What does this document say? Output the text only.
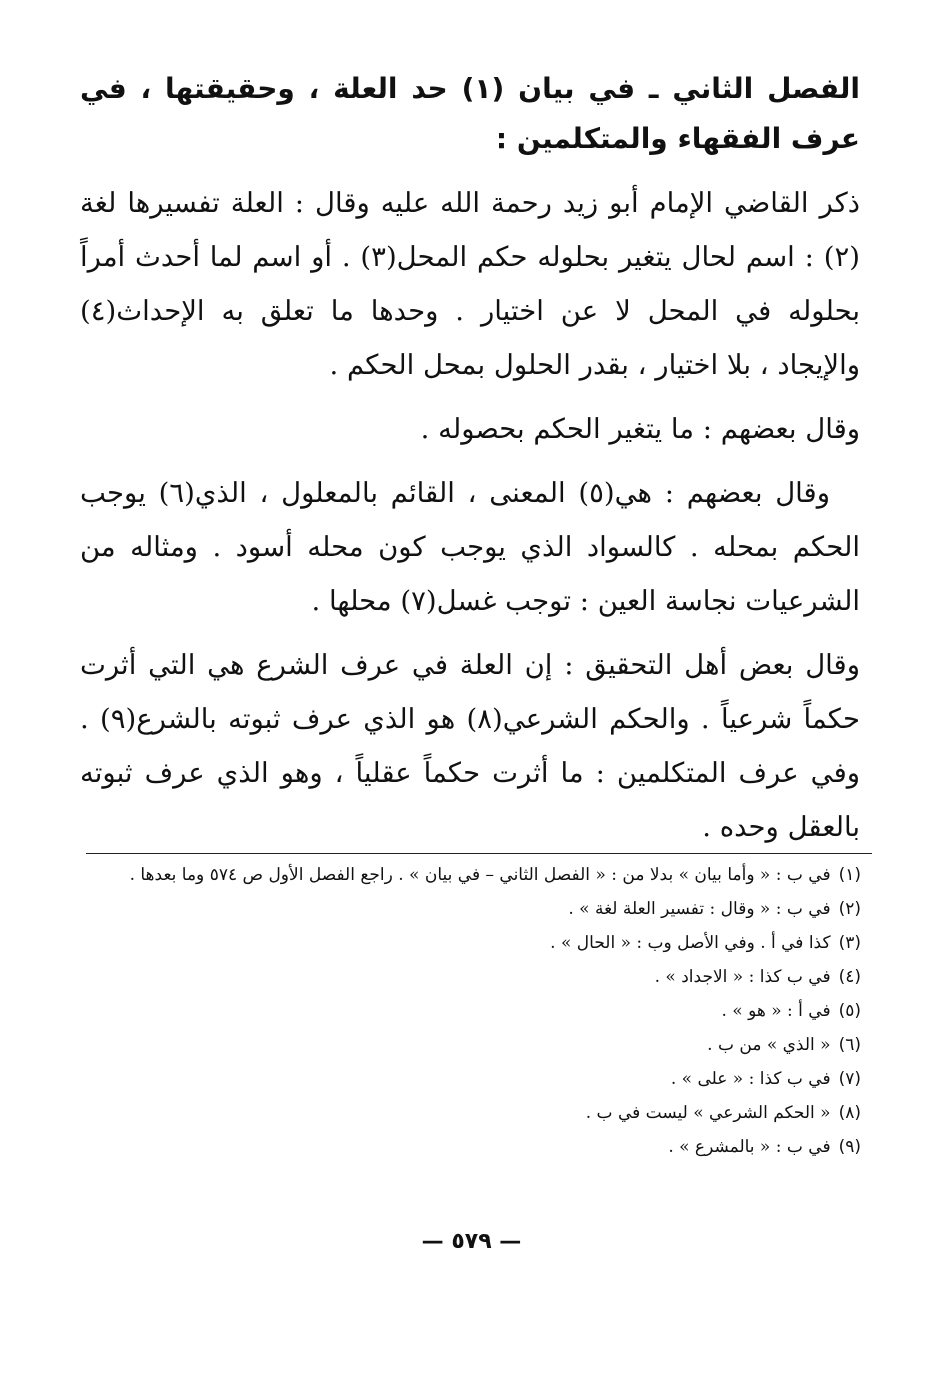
الفصل الثاني ـ في بيان (١) حد العلة ، وحقيقتها ، في عرف الفقهاء والمتكلمين :

ذكر القاضي الإمام أبو زيد رحمة الله عليه وقال : العلة تفسيرها لغة (٢) : اسم لحال يتغير بحلوله حكم المحل(٣) . أو اسم لما أحدث أمراً بحلوله في المحل لا عن اختيار . وحدها ما تعلق به الإحداث(٤) والإيجاد ، بلا اختيار ، بقدر الحلول بمحل الحكم .

وقال بعضهم : ما يتغير الحكم بحصوله .

وقال بعضهم : هي(٥) المعنى ، القائم بالمعلول ، الذي(٦) يوجب الحكم بمحله . كالسواد الذي يوجب كون محله أسود . ومثاله من الشرعيات نجاسة العين : توجب غسل(٧) محلها .

وقال بعض أهل التحقيق : إن العلة في عرف الشرع هي التي أثرت حكماً شرعياً . والحكم الشرعي(٨) هو الذي عرف ثبوته بالشرع(٩) . وفي عرف المتكلمين : ما أثرت حكماً عقلياً ، وهو الذي عرف ثبوته بالعقل وحده .

(١)في ب : « وأما بيان » بدلا من : « الفصل الثاني – في بيان » . راجع الفصل الأول ص ٥٧٤ وما بعدها .
(٢)في ب : « وقال : تفسير العلة لغة » .
(٣)كذا في أ . وفي الأصل وب : « الحال » .
(٤)في ب كذا : « الاجداد » .
(٥)في أ : « هو » .
(٦)« الذي » من ب .
(٧)في ب كذا : « على » .
(٨)« الحكم الشرعي » ليست في ب .
(٩)في ب : « بالمشرع » .
— ٥٧٩ —
